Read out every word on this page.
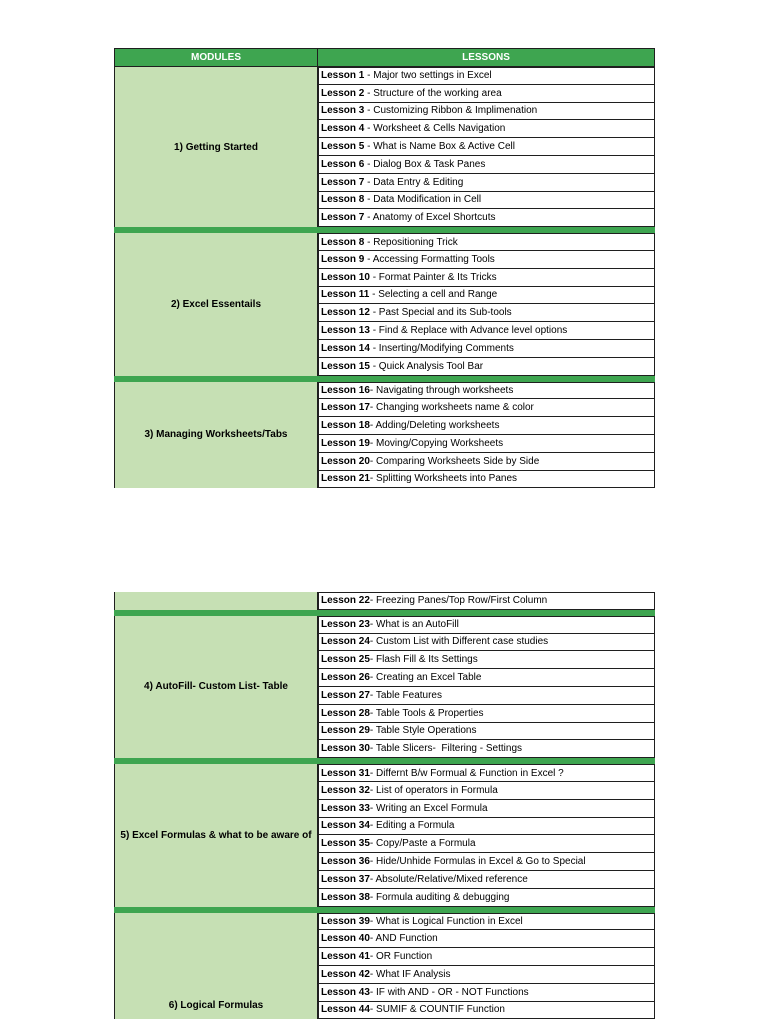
MODULES	LESSONS
1) Getting Started
Lesson 1 - Major two settings in Excel
Lesson 2 - Structure of the working area
Lesson 3 - Customizing Ribbon & Implimenation
Lesson 4 - Worksheet & Cells Navigation
Lesson 5 - What is Name Box & Active Cell
Lesson 6 - Dialog Box & Task Panes
Lesson 7 - Data Entry & Editing
Lesson 8 - Data Modification in Cell
Lesson 7 - Anatomy of Excel Shortcuts
2) Excel Essentails
Lesson 8 - Repositioning Trick
Lesson 9 - Accessing Formatting Tools
Lesson 10 - Format Painter & Its Tricks
Lesson 11 - Selecting a cell and Range
Lesson 12 - Past Special and its Sub-tools
Lesson 13 - Find & Replace with Advance level options
Lesson 14 - Inserting/Modifying Comments
Lesson 15 - Quick Analysis Tool Bar
3) Managing Worksheets/Tabs
Lesson 16 - Navigating through worksheets
Lesson 17 - Changing worksheets name & color
Lesson 18 - Adding/Deleting worksheets
Lesson 19 - Moving/Copying Worksheets
Lesson 20 - Comparing Worksheets Side by Side
Lesson 21 - Splitting Worksheets into Panes
Lesson 22 - Freezing Panes/Top Row/First Column
4) AutoFill- Custom List- Table
Lesson 23 - What is an AutoFill
Lesson 24 - Custom List with Different case studies
Lesson 25 - Flash Fill & Its Settings
Lesson 26 - Creating an Excel Table
Lesson 27 - Table Features
Lesson 28 - Table Tools & Properties
Lesson 29 - Table Style Operations
Lesson 30 - Table Slicers-  Filtering - Settings
5) Excel Formulas & what to be aware of
Lesson 31 - Differnt B/w Formual & Function in Excel ?
Lesson 32 - List of operators in Formula
Lesson 33 - Writing an Excel Formula
Lesson 34 - Editing a Formula
Lesson 35 - Copy/Paste a Formula
Lesson 36 - Hide/Unhide Formulas in Excel & Go to Special
Lesson 37 - Absolute/Relative/Mixed reference
Lesson 38 - Formula auditing & debugging
6) Logical Formulas
Lesson 39 - What is Logical Function in Excel
Lesson 40 - AND Function
Lesson 41 - OR Function
Lesson 42 - What IF Analysis
Lesson 43 - IF with AND - OR - NOT Functions
Lesson 44 - SUMIF & COUNTIF Function
